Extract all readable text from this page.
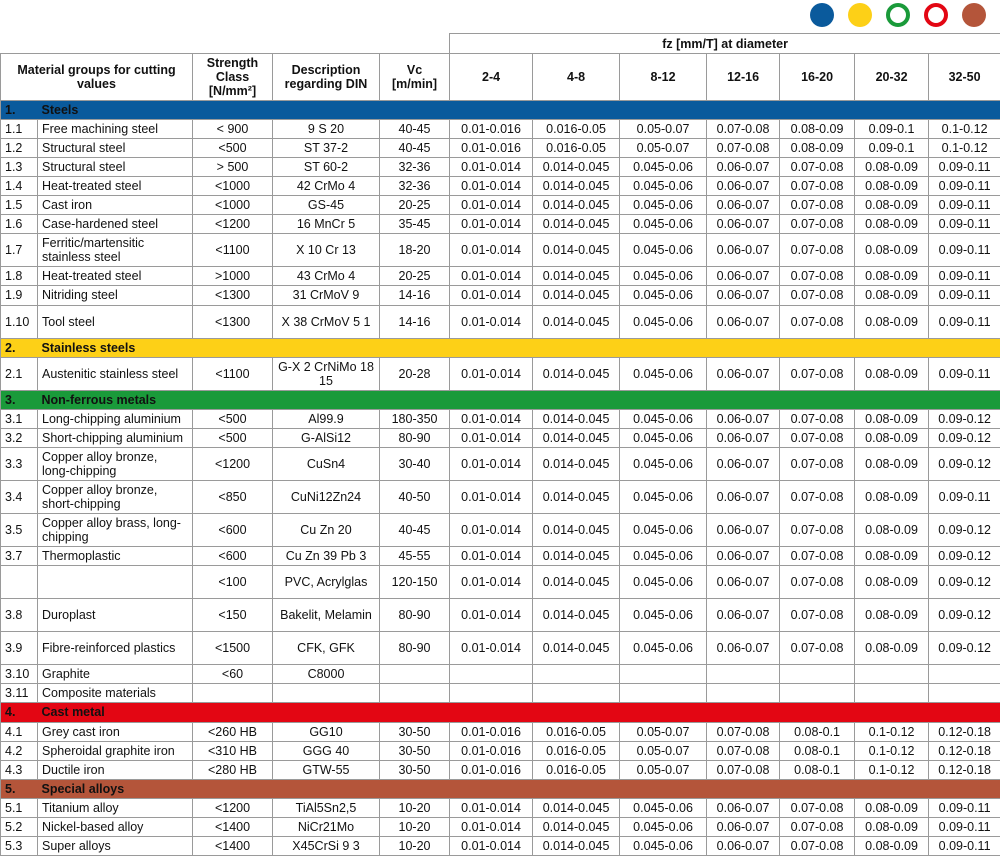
					fz [mm/T] at diameter						
Material groups for cutting values		Strength Class [N/mm²]	Description regarding DIN	Vc [m/min]	2-4	4-8	8-12	12-16	16-20	20-32	32-50
1.	Steels										
1.1	Free machining steel	< 900	9 S 20	40-45	0.01-0.016	0.016-0.05	0.05-0.07	0.07-0.08	0.08-0.09	0.09-0.1	0.1-0.12
1.2	Structural steel	<500	ST 37-2	40-45	0.01-0.016	0.016-0.05	0.05-0.07	0.07-0.08	0.08-0.09	0.09-0.1	0.1-0.12
1.3	Structural steel	> 500	ST 60-2	32-36	0.01-0.014	0.014-0.045	0.045-0.06	0.06-0.07	0.07-0.08	0.08-0.09	0.09-0.11
1.4	Heat-treated steel	<1000	42 CrMo 4	32-36	0.01-0.014	0.014-0.045	0.045-0.06	0.06-0.07	0.07-0.08	0.08-0.09	0.09-0.11
1.5	Cast iron	<1000	GS-45	20-25	0.01-0.014	0.014-0.045	0.045-0.06	0.06-0.07	0.07-0.08	0.08-0.09	0.09-0.11
1.6	Case-hardened steel	<1200	16 MnCr 5	35-45	0.01-0.014	0.014-0.045	0.045-0.06	0.06-0.07	0.07-0.08	0.08-0.09	0.09-0.11
1.7	Ferritic/martensitic stainless steel	<1100	X 10 Cr 13	18-20	0.01-0.014	0.014-0.045	0.045-0.06	0.06-0.07	0.07-0.08	0.08-0.09	0.09-0.11
1.8	Heat-treated steel	>1000	43 CrMo 4	20-25	0.01-0.014	0.014-0.045	0.045-0.06	0.06-0.07	0.07-0.08	0.08-0.09	0.09-0.11
1.9	Nitriding steel	<1300	31 CrMoV 9	14-16	0.01-0.014	0.014-0.045	0.045-0.06	0.06-0.07	0.07-0.08	0.08-0.09	0.09-0.11
1.10	Tool steel	<1300	X 38 CrMoV 5 1	14-16	0.01-0.014	0.014-0.045	0.045-0.06	0.06-0.07	0.07-0.08	0.08-0.09	0.09-0.11
2.	Stainless steels										
2.1	Austenitic stainless steel	<1100	G-X 2 CrNiMo 18 15	20-28	0.01-0.014	0.014-0.045	0.045-0.06	0.06-0.07	0.07-0.08	0.08-0.09	0.09-0.11
3.	Non-ferrous metals										
3.1	Long-chipping aluminium	<500	Al99.9	180-350	0.01-0.014	0.014-0.045	0.045-0.06	0.06-0.07	0.07-0.08	0.08-0.09	0.09-0.12
3.2	Short-chipping aluminium	<500	G-AlSi12	80-90	0.01-0.014	0.014-0.045	0.045-0.06	0.06-0.07	0.07-0.08	0.08-0.09	0.09-0.12
3.3	Copper alloy bronze, long-chipping	<1200	CuSn4	30-40	0.01-0.014	0.014-0.045	0.045-0.06	0.06-0.07	0.07-0.08	0.08-0.09	0.09-0.12
3.4	Copper alloy bronze, short-chipping	<850	CuNi12Zn24	40-50	0.01-0.014	0.014-0.045	0.045-0.06	0.06-0.07	0.07-0.08	0.08-0.09	0.09-0.11
3.5	Copper alloy brass, long-chipping	<600	Cu Zn 20	40-45	0.01-0.014	0.014-0.045	0.045-0.06	0.06-0.07	0.07-0.08	0.08-0.09	0.09-0.12
3.7	Thermoplastic	<600	Cu Zn 39 Pb 3	45-55	0.01-0.014	0.014-0.045	0.045-0.06	0.06-0.07	0.07-0.08	0.08-0.09	0.09-0.12
		<100	PVC, Acrylglas	120-150	0.01-0.014	0.014-0.045	0.045-0.06	0.06-0.07	0.07-0.08	0.08-0.09	0.09-0.12
3.8	Duroplast	<150	Bakelit, Melamin	80-90	0.01-0.014	0.014-0.045	0.045-0.06	0.06-0.07	0.07-0.08	0.08-0.09	0.09-0.12
3.9	Fibre-reinforced plastics	<1500	CFK, GFK	80-90	0.01-0.014	0.014-0.045	0.045-0.06	0.06-0.07	0.07-0.08	0.08-0.09	0.09-0.12
3.10	Graphite	<60	C8000								
3.11	Composite materials										
4.	Cast metal										
4.1	Grey cast iron	<260 HB	GG10	30-50	0.01-0.016	0.016-0.05	0.05-0.07	0.07-0.08	0.08-0.1	0.1-0.12	0.12-0.18
4.2	Spheroidal graphite iron	<310 HB	GGG 40	30-50	0.01-0.016	0.016-0.05	0.05-0.07	0.07-0.08	0.08-0.1	0.1-0.12	0.12-0.18
4.3	Ductile iron	<280 HB	GTW-55	30-50	0.01-0.016	0.016-0.05	0.05-0.07	0.07-0.08	0.08-0.1	0.1-0.12	0.12-0.18
5.	Special alloys										
5.1	Titanium alloy	<1200	TiAl5Sn2,5	10-20	0.01-0.014	0.014-0.045	0.045-0.06	0.06-0.07	0.07-0.08	0.08-0.09	0.09-0.11
5.2	Nickel-based alloy	<1400	NiCr21Mo	10-20	0.01-0.014	0.014-0.045	0.045-0.06	0.06-0.07	0.07-0.08	0.08-0.09	0.09-0.11
5.3	Super alloys	<1400	X45CrSi 9 3	10-20	0.01-0.014	0.014-0.045	0.045-0.06	0.06-0.07	0.07-0.08	0.08-0.09	0.09-0.11
